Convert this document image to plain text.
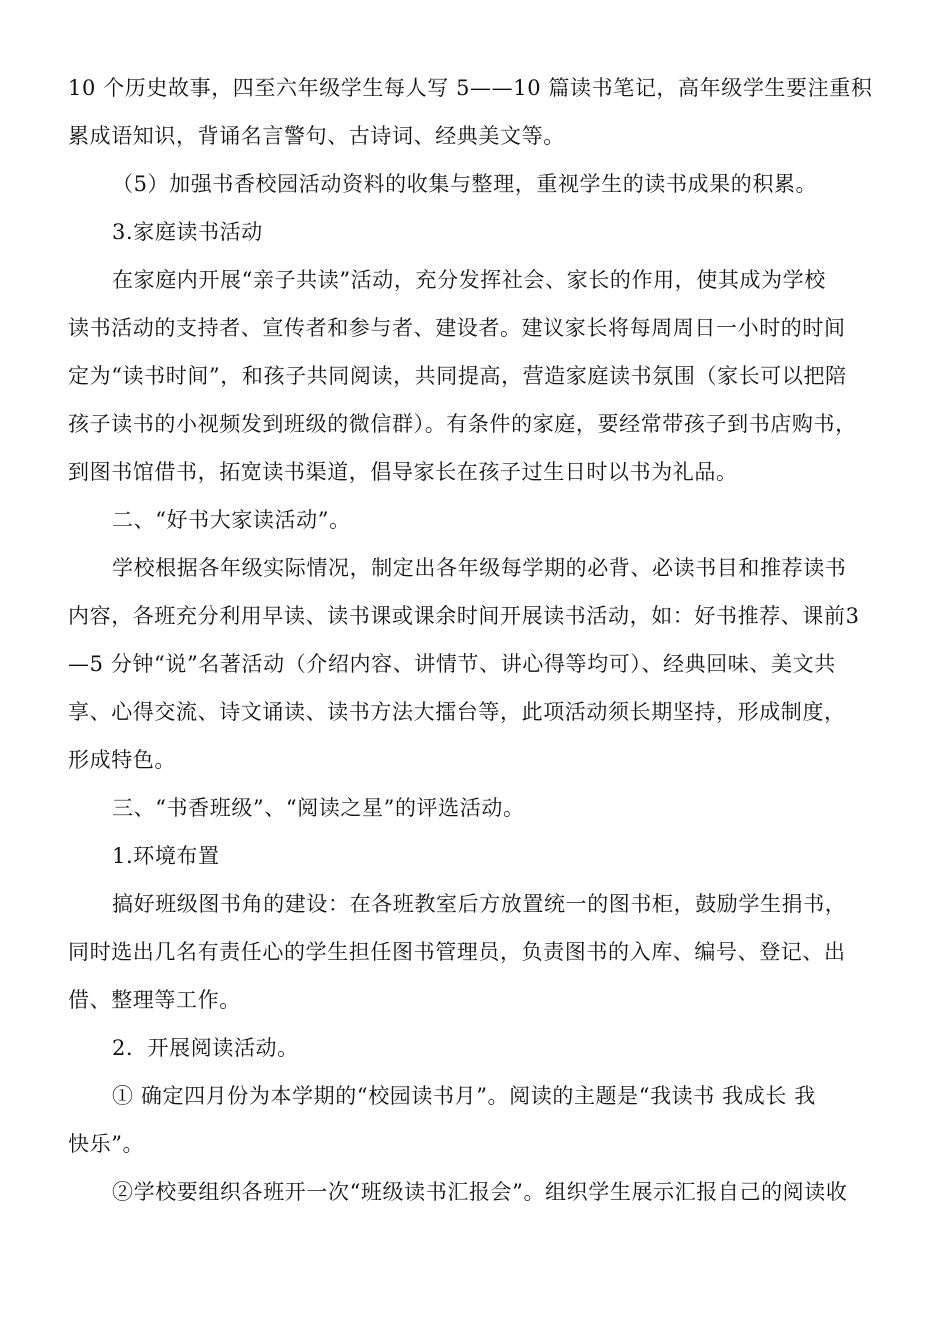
10 个历史故事，四至六年级学生每人写 5——10 篇读书笔记，高年级学生要注重积

累成语知识，背诵名言警句、古诗词、经典美文等。

（5）加强书香校园活动资料的收集与整理，重视学生的读书成果的积累。

3.家庭读书活动

在家庭内开展“亲子共读”活动，充分发挥社会、家长的作用，使其成为学校

读书活动的支持者、宣传者和参与者、建设者。建议家长将每周周日一小时的时间

定为“读书时间”，和孩子共同阅读，共同提高，营造家庭读书氛围（家长可以把陪

孩子读书的小视频发到班级的微信群）。有条件的家庭，要经常带孩子到书店购书，

到图书馆借书，拓宽读书渠道，倡导家长在孩子过生日时以书为礼品。

二、“好书大家读活动”。

学校根据各年级实际情况，制定出各年级每学期的必背、必读书目和推荐读书

内容，各班充分利用早读、读书课或课余时间开展读书活动，如：好书推荐、课前3

—5 分钟“说”名著活动（介绍内容、讲情节、讲心得等均可）、经典回味、美文共

享、心得交流、诗文诵读、读书方法大擂台等，此项活动须长期坚持，形成制度，

形成特色。

三、“书香班级”、“阅读之星”的评选活动。

1.环境布置

搞好班级图书角的建设：在各班教室后方放置统一的图书柜，鼓励学生捐书，

同时选出几名有责任心的学生担任图书管理员，负责图书的入库、编号、登记、出

借、整理等工作。

2．开展阅读活动。

① 确定四月份为本学期的“校园读书月”。阅读的主题是“我读书 我成长 我

快乐”。

②学校要组织各班开一次“班级读书汇报会”。组织学生展示汇报自己的阅读收
